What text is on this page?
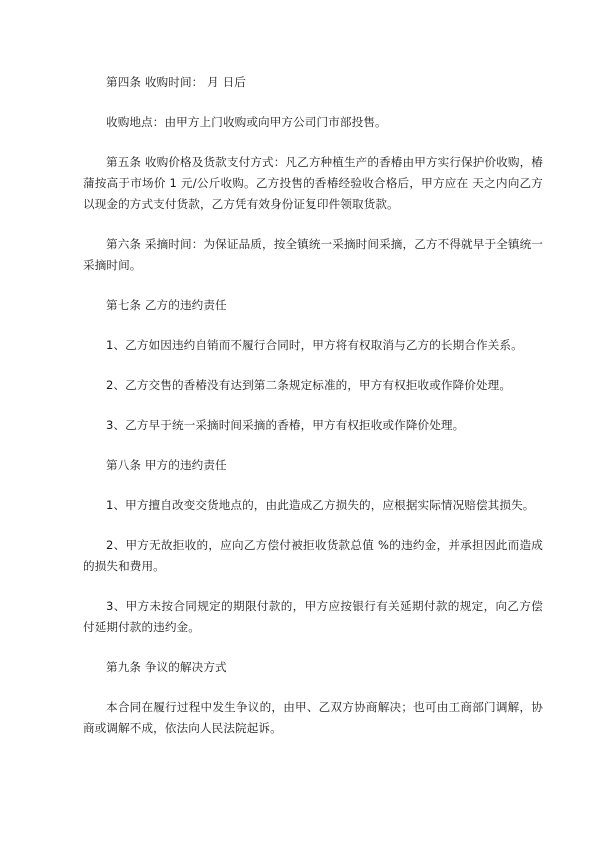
第四条 收购时间： 月 日后

收购地点：由甲方上门收购或向甲方公司门市部投售。

第五条 收购价格及货款支付方式：凡乙方种植生产的香椿由甲方实行保护价收购，椿蒲按高于市场价 1 元/公斤收购。乙方投售的香椿经验收合格后，甲方应在 天之内向乙方以现金的方式支付货款，乙方凭有效身份证复印件领取货款。

第六条 采摘时间：为保证品质，按全镇统一采摘时间采摘，乙方不得就早于全镇统一采摘时间。

第七条 乙方的违约责任

1、乙方如因违约自销而不履行合同时，甲方将有权取消与乙方的长期合作关系。

2、乙方交售的香椿没有达到第二条规定标准的，甲方有权拒收或作降价处理。

3、乙方早于统一采摘时间采摘的香椿，甲方有权拒收或作降价处理。

第八条 甲方的违约责任

1、甲方擅自改变交货地点的，由此造成乙方损失的，应根据实际情况赔偿其损失。

2、甲方无故拒收的，应向乙方偿付被拒收货款总值 %的违约金，并承担因此而造成的损失和费用。

3、甲方未按合同规定的期限付款的，甲方应按银行有关延期付款的规定，向乙方偿付延期付款的违约金。

第九条 争议的解决方式

本合同在履行过程中发生争议的，由甲、乙双方协商解决；也可由工商部门调解，协商或调解不成，依法向人民法院起诉。
